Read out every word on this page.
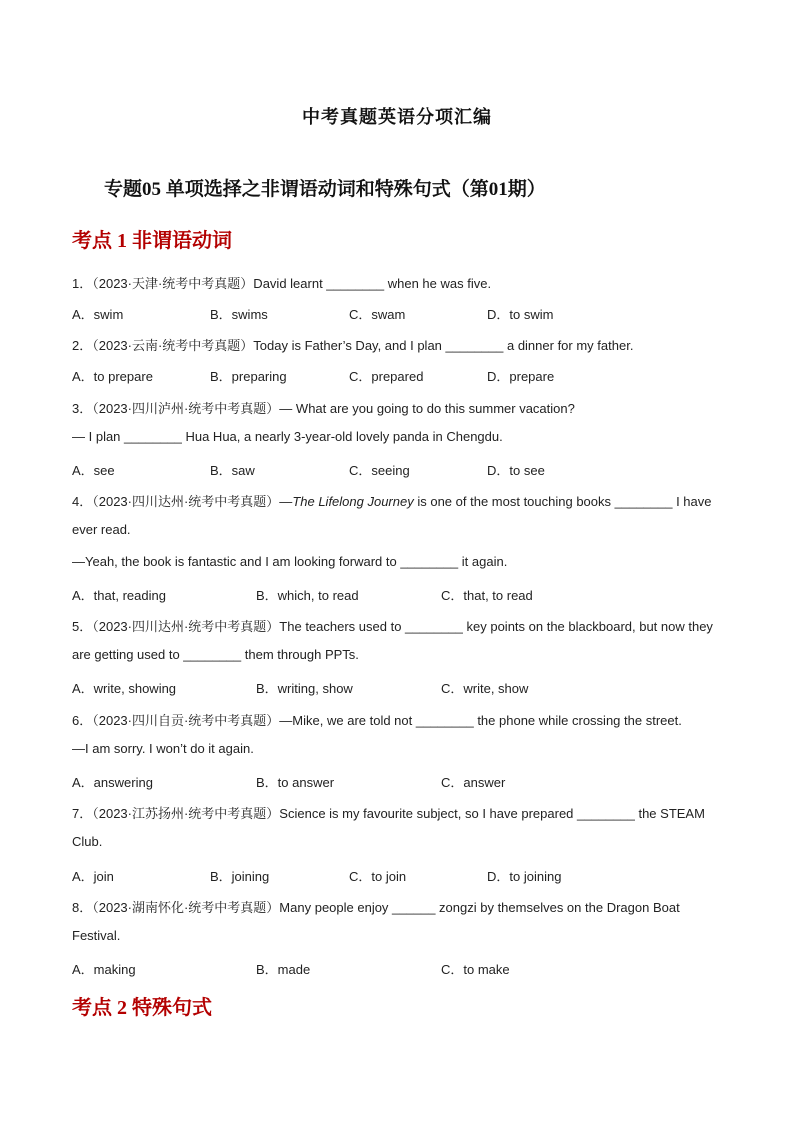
中考真题英语分项汇编
专题05 单项选择之非谓语动词和特殊句式（第01期）
考点 1 非谓语动词
1．（2023·天津·统考中考真题）David learnt ________ when he was five.
A．swim	B．swims	C．swam	D．to swim
2．（2023·云南·统考中考真题）Today is Father’s Day, and I plan ________ a dinner for my father.
A．to prepare	B．preparing	C．prepared	D．prepare
3．（2023·四川泸州·统考中考真题）— What are you going to do this summer vacation?
— I plan ________ Hua Hua, a nearly 3-year-old lovely panda in Chengdu.
A．see	B．saw	C．seeing	D．to see
4．（2023·四川达州·统考中考真题）—The Lifelong Journey is one of the most touching books ________ I have
ever read.
—Yeah, the book is fantastic and I am looking forward to ________ it again.
A．that, reading	B．which, to read	C．that, to read
5．（2023·四川达州·统考中考真题）The teachers used to ________ key points on the blackboard, but now they
are getting used to ________ them through PPTs.
A．write, showing	B．writing, show	C．write, show
6．（2023·四川自贡·统考中考真题）—Mike, we are told not ________ the phone while crossing the street.
—I am sorry. I won’t do it again.
A．answering	B．to answer	C．answer
7．（2023·江苏扬州·统考中考真题）Science is my favourite subject, so I have prepared ________ the STEAM
Club.
A．join	B．joining	C．to join	D．to joining
8．（2023·湖南怀化·统考中考真题）Many people enjoy ______ zongzi by themselves on the Dragon Boat
Festival.
A．making	B．made	C．to make
考点 2 特殊句式
